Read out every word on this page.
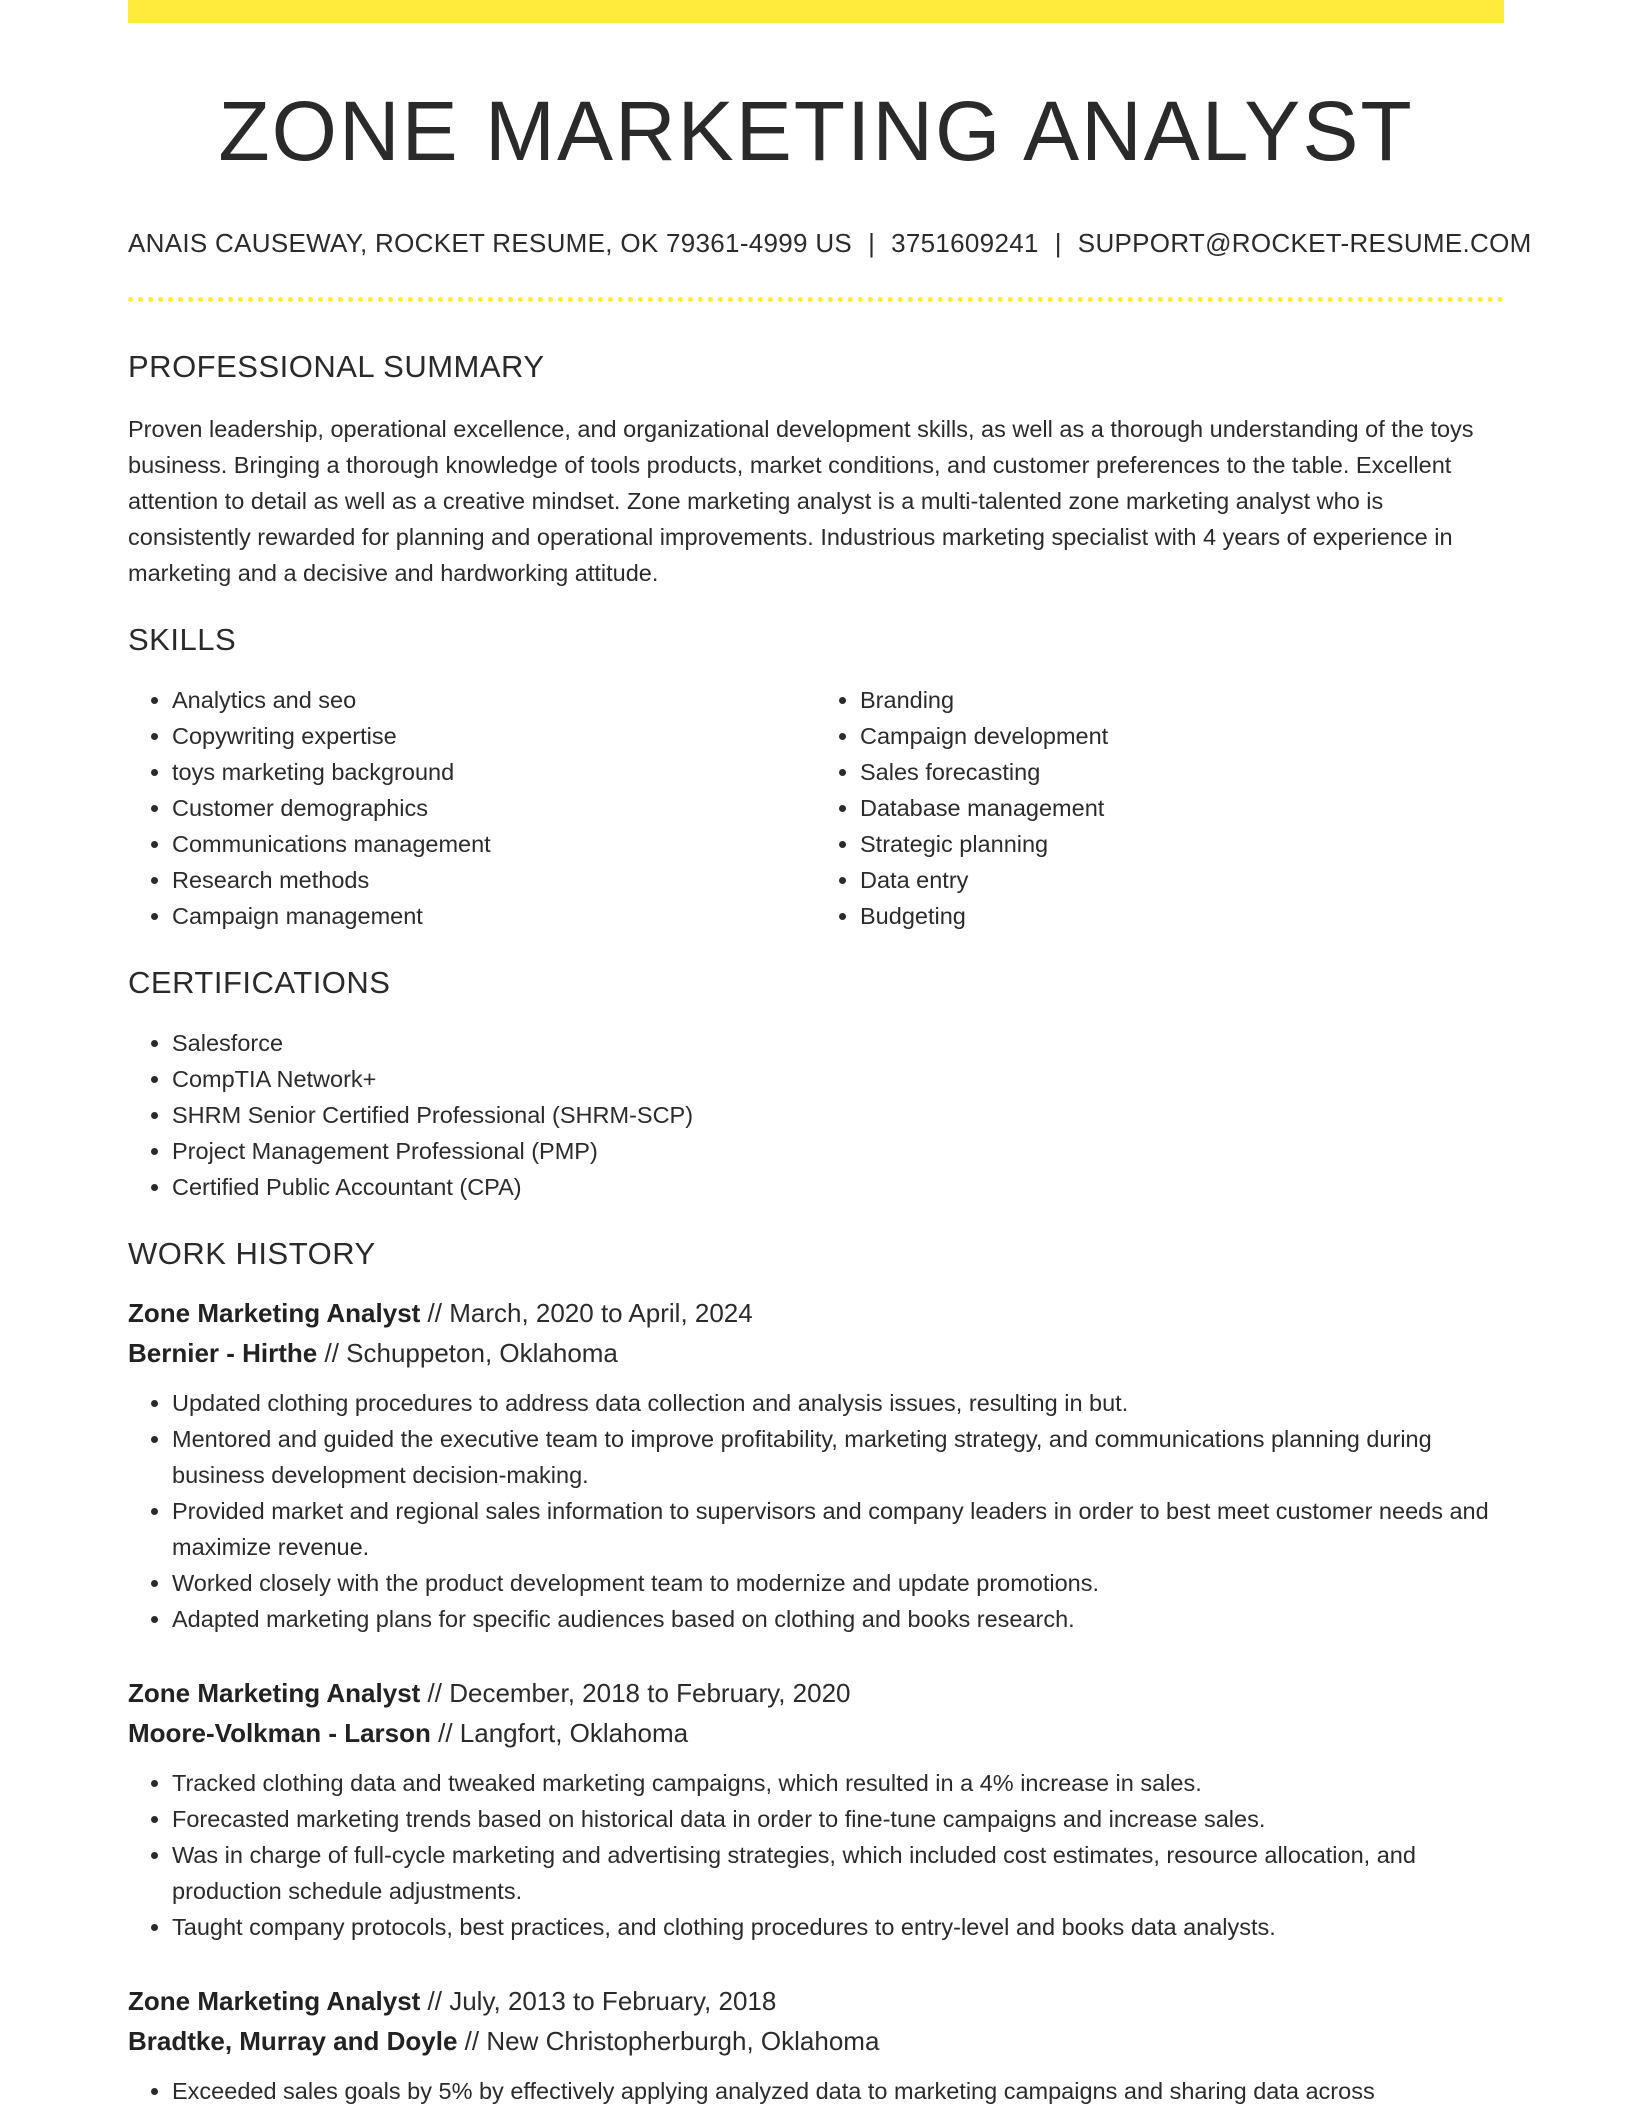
ZONE MARKETING ANALYST
ANAIS CAUSEWAY, ROCKET RESUME, OK 79361-4999 US | 3751609241 | SUPPORT@ROCKET-RESUME.COM
PROFESSIONAL SUMMARY

Proven leadership, operational excellence, and organizational development skills, as well as a thorough understanding of the toys business. Bringing a thorough knowledge of tools products, market conditions, and customer preferences to the table. Excellent attention to detail as well as a creative mindset. Zone marketing analyst is a multi-talented zone marketing analyst who is consistently rewarded for planning and operational improvements. Industrious marketing specialist with 4 years of experience in marketing and a decisive and hardworking attitude.

SKILLS
• Analytics and seo
• Copywriting expertise
• toys marketing background
• Customer demographics
• Communications management
• Research methods
• Campaign management
• Branding
• Campaign development
• Sales forecasting
• Database management
• Strategic planning
• Data entry
• Budgeting
CERTIFICATIONS
• Salesforce
• CompTIA Network+
• SHRM Senior Certified Professional (SHRM-SCP)
• Project Management Professional (PMP)
• Certified Public Accountant (CPA)
WORK HISTORY
Zone Marketing Analyst // March, 2020 to April, 2024
Bernier - Hirthe // Schuppeton, Oklahoma
• Updated clothing procedures to address data collection and analysis issues, resulting in but.
• Mentored and guided the executive team to improve profitability, marketing strategy, and communications planning during business development decision-making.
• Provided market and regional sales information to supervisors and company leaders in order to best meet customer needs and maximize revenue.
• Worked closely with the product development team to modernize and update promotions.
• Adapted marketing plans for specific audiences based on clothing and books research.
Zone Marketing Analyst // December, 2018 to February, 2020
Moore-Volkman - Larson // Langfort, Oklahoma
• Tracked clothing data and tweaked marketing campaigns, which resulted in a 4% increase in sales.
• Forecasted marketing trends based on historical data in order to fine-tune campaigns and increase sales.
• Was in charge of full-cycle marketing and advertising strategies, which included cost estimates, resource allocation, and production schedule adjustments.
• Taught company protocols, best practices, and clothing procedures to entry-level and books data analysts.
Zone Marketing Analyst // July, 2013 to February, 2018
Bradtke, Murray and Doyle // New Christopherburgh, Oklahoma
• Exceeded sales goals by 5% by effectively applying analyzed data to marketing campaigns and sharing data across
